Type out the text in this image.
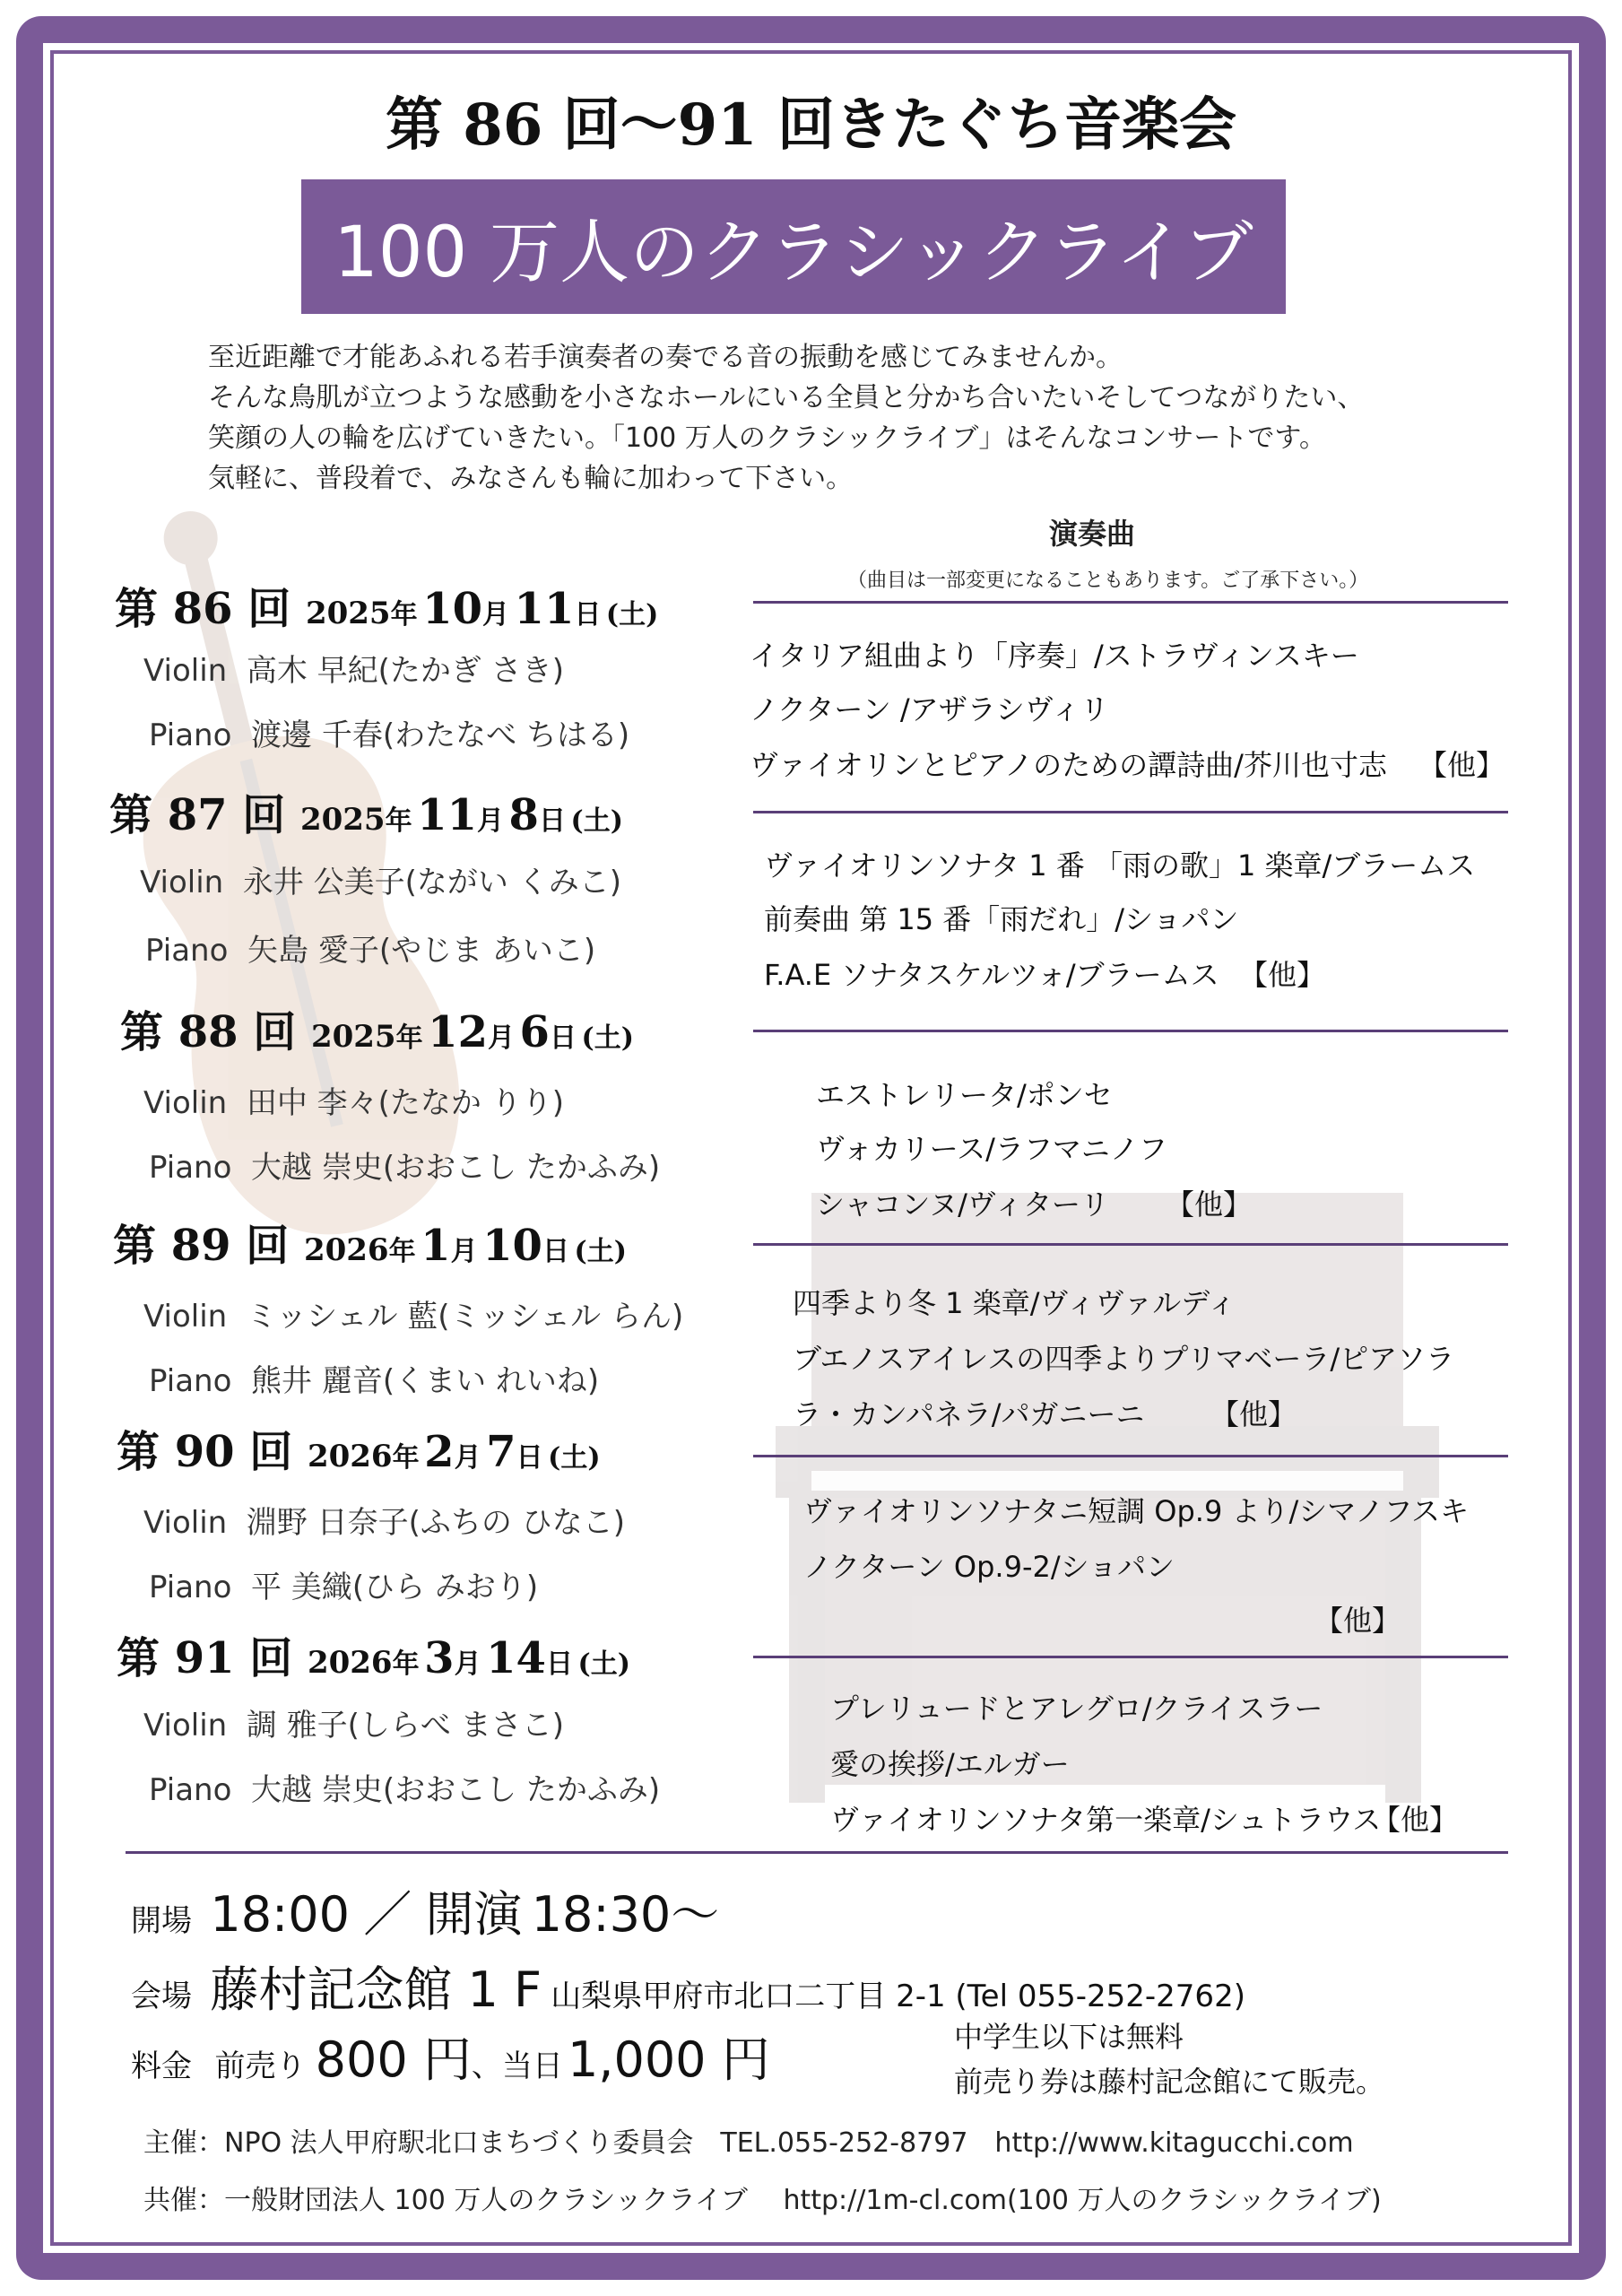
第 86 回～91 回きたぐち音楽会
100 万人のクラシックライブ
至近距離で才能あふれる若手演奏者の奏でる音の振動を感じてみませんか。
そんな鳥肌が立つような感動を小さなホールにいる全員と分かち合いたいそしてつながりたい、
笑顔の人の輪を広げていきたい。「100 万人のクラシックライブ」はそんなコンサートです。
気軽に、普段着で、みなさんも輪に加わって下さい。
演奏曲
（曲目は一部変更になることもあります。ご了承下さい。）
第 86 回 2025年 10月 11日 (土)
Violin 高木 早紀(たかぎ さき)
Piano 渡邊 千春(わたなべ ちはる)
イタリア組曲より「序奏」/ストラヴィンスキー
ノクターン /アザラシヴィリ
ヴァイオリンとピアノのための譚詩曲/芥川也寸志 【他】
第 87 回 2025年 11月 8日 (土)
Violin 永井 公美子(ながい くみこ)
Piano 矢島 愛子(やじま あいこ)
ヴァイオリンソナタ 1 番 「雨の歌」1 楽章/ブラームス
前奏曲 第 15 番「雨だれ」/ショパン
F.A.E ソナタスケルツォ/ブラームス 【他】
第 88 回 2025年 12月 6日 (土)
Violin 田中 李々(たなか りり)
Piano 大越 崇史(おおこし たかふみ)
エストレリータ/ポンセ
ヴォカリース/ラフマニノフ
シャコンヌ/ヴィターリ 【他】
第 89 回 2026年 1月 10日 (土)
Violin ミッシェル 藍(ミッシェル らん)
Piano 熊井 麗音(くまい れいね)
四季より冬 1 楽章/ヴィヴァルディ
ブエノスアイレスの四季よりプリマベーラ/ピアソラ
ラ・カンパネラ/パガニーニ 【他】
第 90 回 2026年 2月 7日 (土)
Violin 淵野 日奈子(ふちの ひなこ)
Piano 平 美織(ひら みおり)
ヴァイオリンソナタニ短調 Op.9 より/シマノフスキ
ノクターン Op.9-2/ショパン
【他】
第 91 回 2026年 3月 14日 (土)
Violin 調 雅子(しらべ まさこ)
Piano 大越 崇史(おおこし たかふみ)
プレリュードとアレグロ/クライスラー
愛の挨拶/エルガー
ヴァイオリンソナタ第一楽章/シュトラウス
【他】
開場 18:00 ／ 開演 18:30～
会場 藤村記念館 1 F 山梨県甲府市北口二丁目 2-1 (Tel 055-252-2762)
料金 前売り 800 円、当日 1,000 円	中学生以下は無料
前売り券は藤村記念館にて販売。
主催：NPO 法人甲府駅北口まちづくり委員会　TEL.055-252-8797　http://www.kitagucchi.com
共催：一般財団法人 100 万人のクラシックライブ　 http://1m-cl.com(100 万人のクラシックライブ)
